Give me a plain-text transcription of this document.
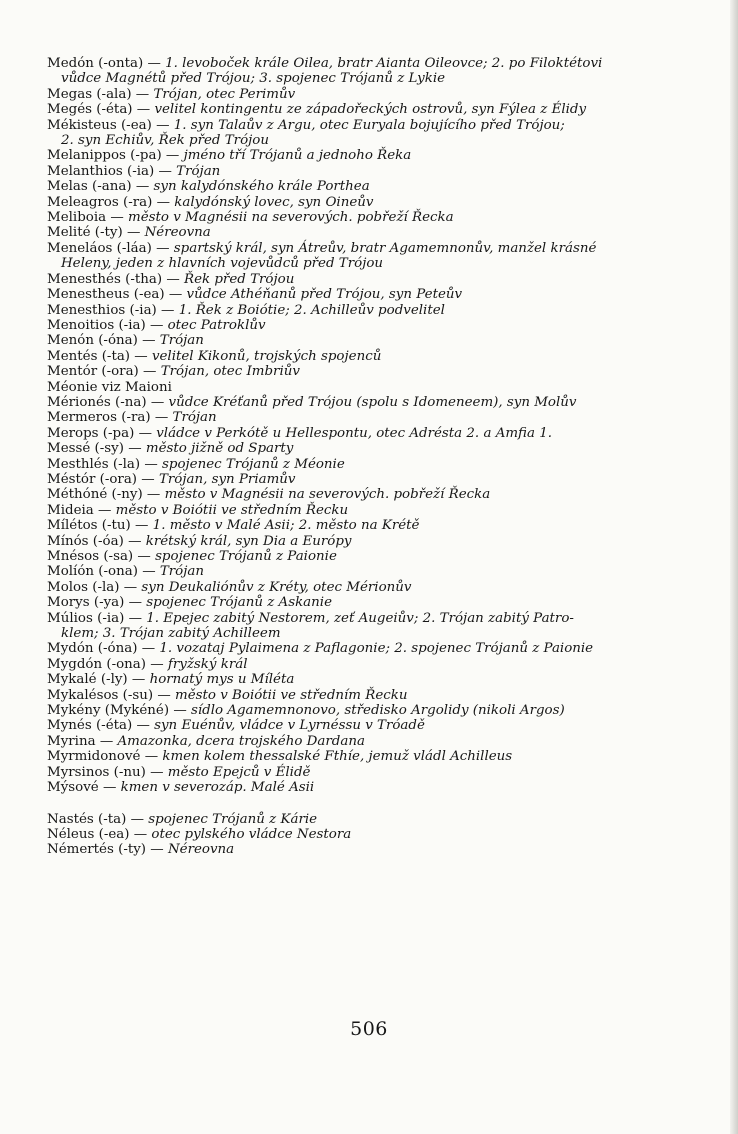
Medón (-onta) — 1. levoboček krále Oilea, bratr Aianta Oileovce; 2. po Filoktétovi
vůdce Magnétů před Trójou; 3. spojenec Trójanů z Lykie
Megas (-ala) — Trójan, otec Perimův
Megés (-éta) — velitel kontingentu ze západořeckých ostrovů, syn Fýlea z Élidy
Mékisteus (-ea) — 1. syn Talaův z Argu, otec Euryala bojujícího před Trójou;
2. syn Echiův, Řek před Trójou
Melanippos (-pa) — jméno tří Trójanů a jednoho Řeka
Melanthios (-ia) — Trójan
Melas (-ana) — syn kalydónského krále Porthea
Meleagros (-ra) — kalydónský lovec, syn Oineův
Meliboia — město v Magnésii na severových. pobřeží Řecka
Melité (-ty) — Néreovna
Meneláos (-láa) — spartský král, syn Átreův, bratr Agamemnonův, manžel krásné
Heleny, jeden z hlavních vojevůdců před Trójou
Menesthés (-tha) — Řek před Trójou
Menestheus (-ea) — vůdce Athéňanů před Trójou, syn Peteův
Menesthios (-ia) — 1. Řek z Boiótie; 2. Achilleův podvelitel
Menoitios (-ia) — otec Patroklův
Menón (-óna) — Trójan
Mentés (-ta) — velitel Kikonů, trojských spojenců
Mentór (-ora) — Trójan, otec Imbriův
Méonie viz Maioni
Mérionés (-na) — vůdce Kréťanů před Trójou (spolu s Idomeneem), syn Molův
Mermeros (-ra) — Trójan
Merops (-pa) — vládce v Perkótě u Hellespontu, otec Adrésta 2. a Amfia 1.
Messé (-sy) — město jižně od Sparty
Mesthlés (-la) — spojenec Trójanů z Méonie
Méstór (-ora) — Trójan, syn Priamův
Méthóné (-ny) — město v Magnésii na severových. pobřeží Řecka
Mideia — město v Boiótii ve středním Řecku
Mílétos (-tu) — 1. město v Malé Asii; 2. město na Krétě
Mínós (-óa) — krétský král, syn Dia a Európy
Mnésos (-sa) — spojenec Trójanů z Paionie
Molíón (-ona) — Trójan
Molos (-la) — syn Deukaliónův z Kréty, otec Mérionův
Morys (-ya) — spojenec Trójanů z Askanie
Múlios (-ia) — 1. Epejec zabitý Nestorem, zeť Augeiův; 2. Trójan zabitý Patro-
klem; 3. Trójan zabitý Achilleem
Mydón (-óna) — 1. vozataj Pylaimena z Paflagonie; 2. spojenec Trójanů z Paionie
Mygdón (-ona) — fryžský král
Mykalé (-ly) — hornatý mys u Míléta
Mykalésos (-su) — město v Boiótii ve středním Řecku
Mykény (Mykéné) — sídlo Agamemnonovo, středisko Argolidy (nikoli Argos)
Mynés (-éta) — syn Euénův, vládce v Lyrnéssu v Tróadě
Myrina — Amazonka, dcera trojského Dardana
Myrmidonové — kmen kolem thessalské Fthíe, jemuž vládl Achilleus
Myrsinos (-nu) — město Epejců v Élidě
Mýsové — kmen v severozáp. Malé Asii
Nastés (-ta) — spojenec Trójanů z Kárie
Néleus (-ea) — otec pylského vládce Nestora
Némertés (-ty) — Néreovna
506
